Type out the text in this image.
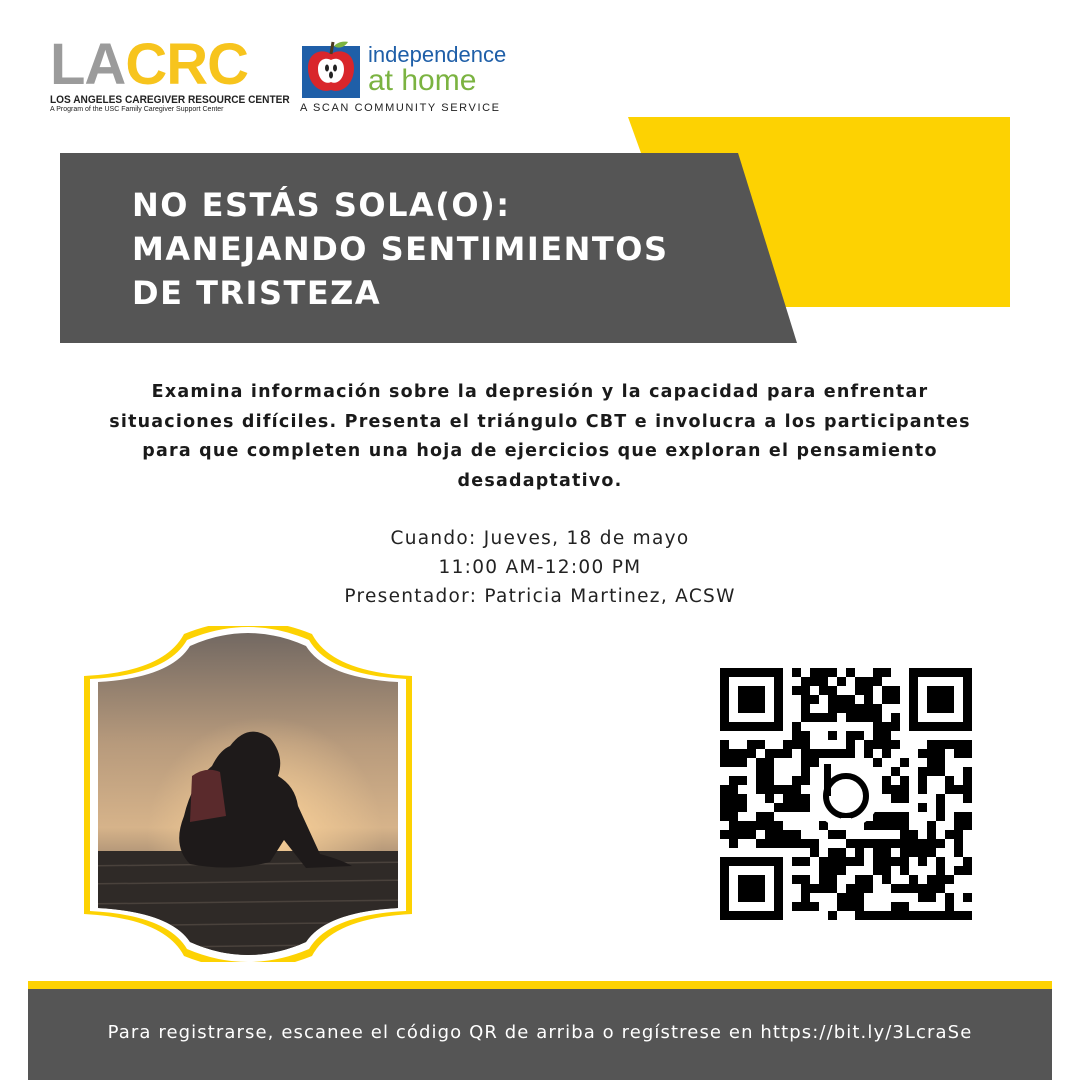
LACRC
LOS ANGELES CAREGIVER RESOURCE CENTER
A Program of the USC Family Caregiver Support Center
independence
at home
A SCAN COMMUNITY SERVICE
NO ESTÁS SOLA(O):
MANEJANDO SENTIMIENTOS
DE TRISTEZA
Examina información sobre la depresión y la capacidad para enfrentar situaciones difíciles. Presenta el triángulo CBT e involucra a los participantes para que completen una hoja de ejercicios que exploran el pensamiento desadaptativo.
Cuando: Jueves, 18 de mayo
11:00 AM-12:00 PM
Presentador: Patricia Martinez, ACSW
Para registrarse, escanee el código QR de arriba o regístrese en https://bit.ly/3LcraSe
